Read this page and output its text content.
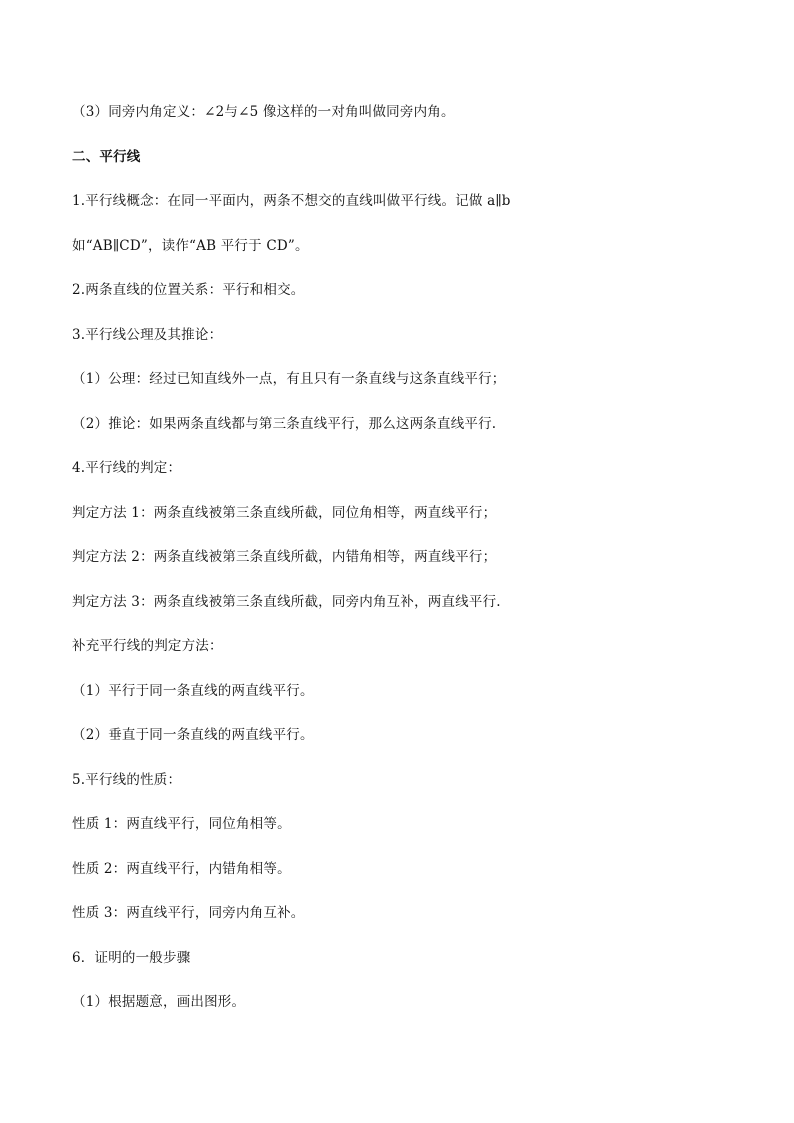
（3）同旁内角定义：∠2与∠5 像这样的一对角叫做同旁内角。
二、平行线
1.平行线概念：在同一平面内，两条不想交的直线叫做平行线。记做 a∥b
如“AB∥CD”，读作“AB 平行于 CD”。
2.两条直线的位置关系：平行和相交。
3.平行线公理及其推论：
（1）公理：经过已知直线外一点，有且只有一条直线与这条直线平行；
（2）推论：如果两条直线都与第三条直线平行，那么这两条直线平行.
4.平行线的判定：
判定方法 1：两条直线被第三条直线所截，同位角相等，两直线平行；
判定方法 2：两条直线被第三条直线所截，内错角相等，两直线平行；
判定方法 3：两条直线被第三条直线所截，同旁内角互补，两直线平行.
补充平行线的判定方法：
（1）平行于同一条直线的两直线平行。
（2）垂直于同一条直线的两直线平行。
5.平行线的性质：
性质 1：两直线平行，同位角相等。
性质 2：两直线平行，内错角相等。
性质 3：两直线平行，同旁内角互补。
6．证明的一般步骤
（1）根据题意，画出图形。
